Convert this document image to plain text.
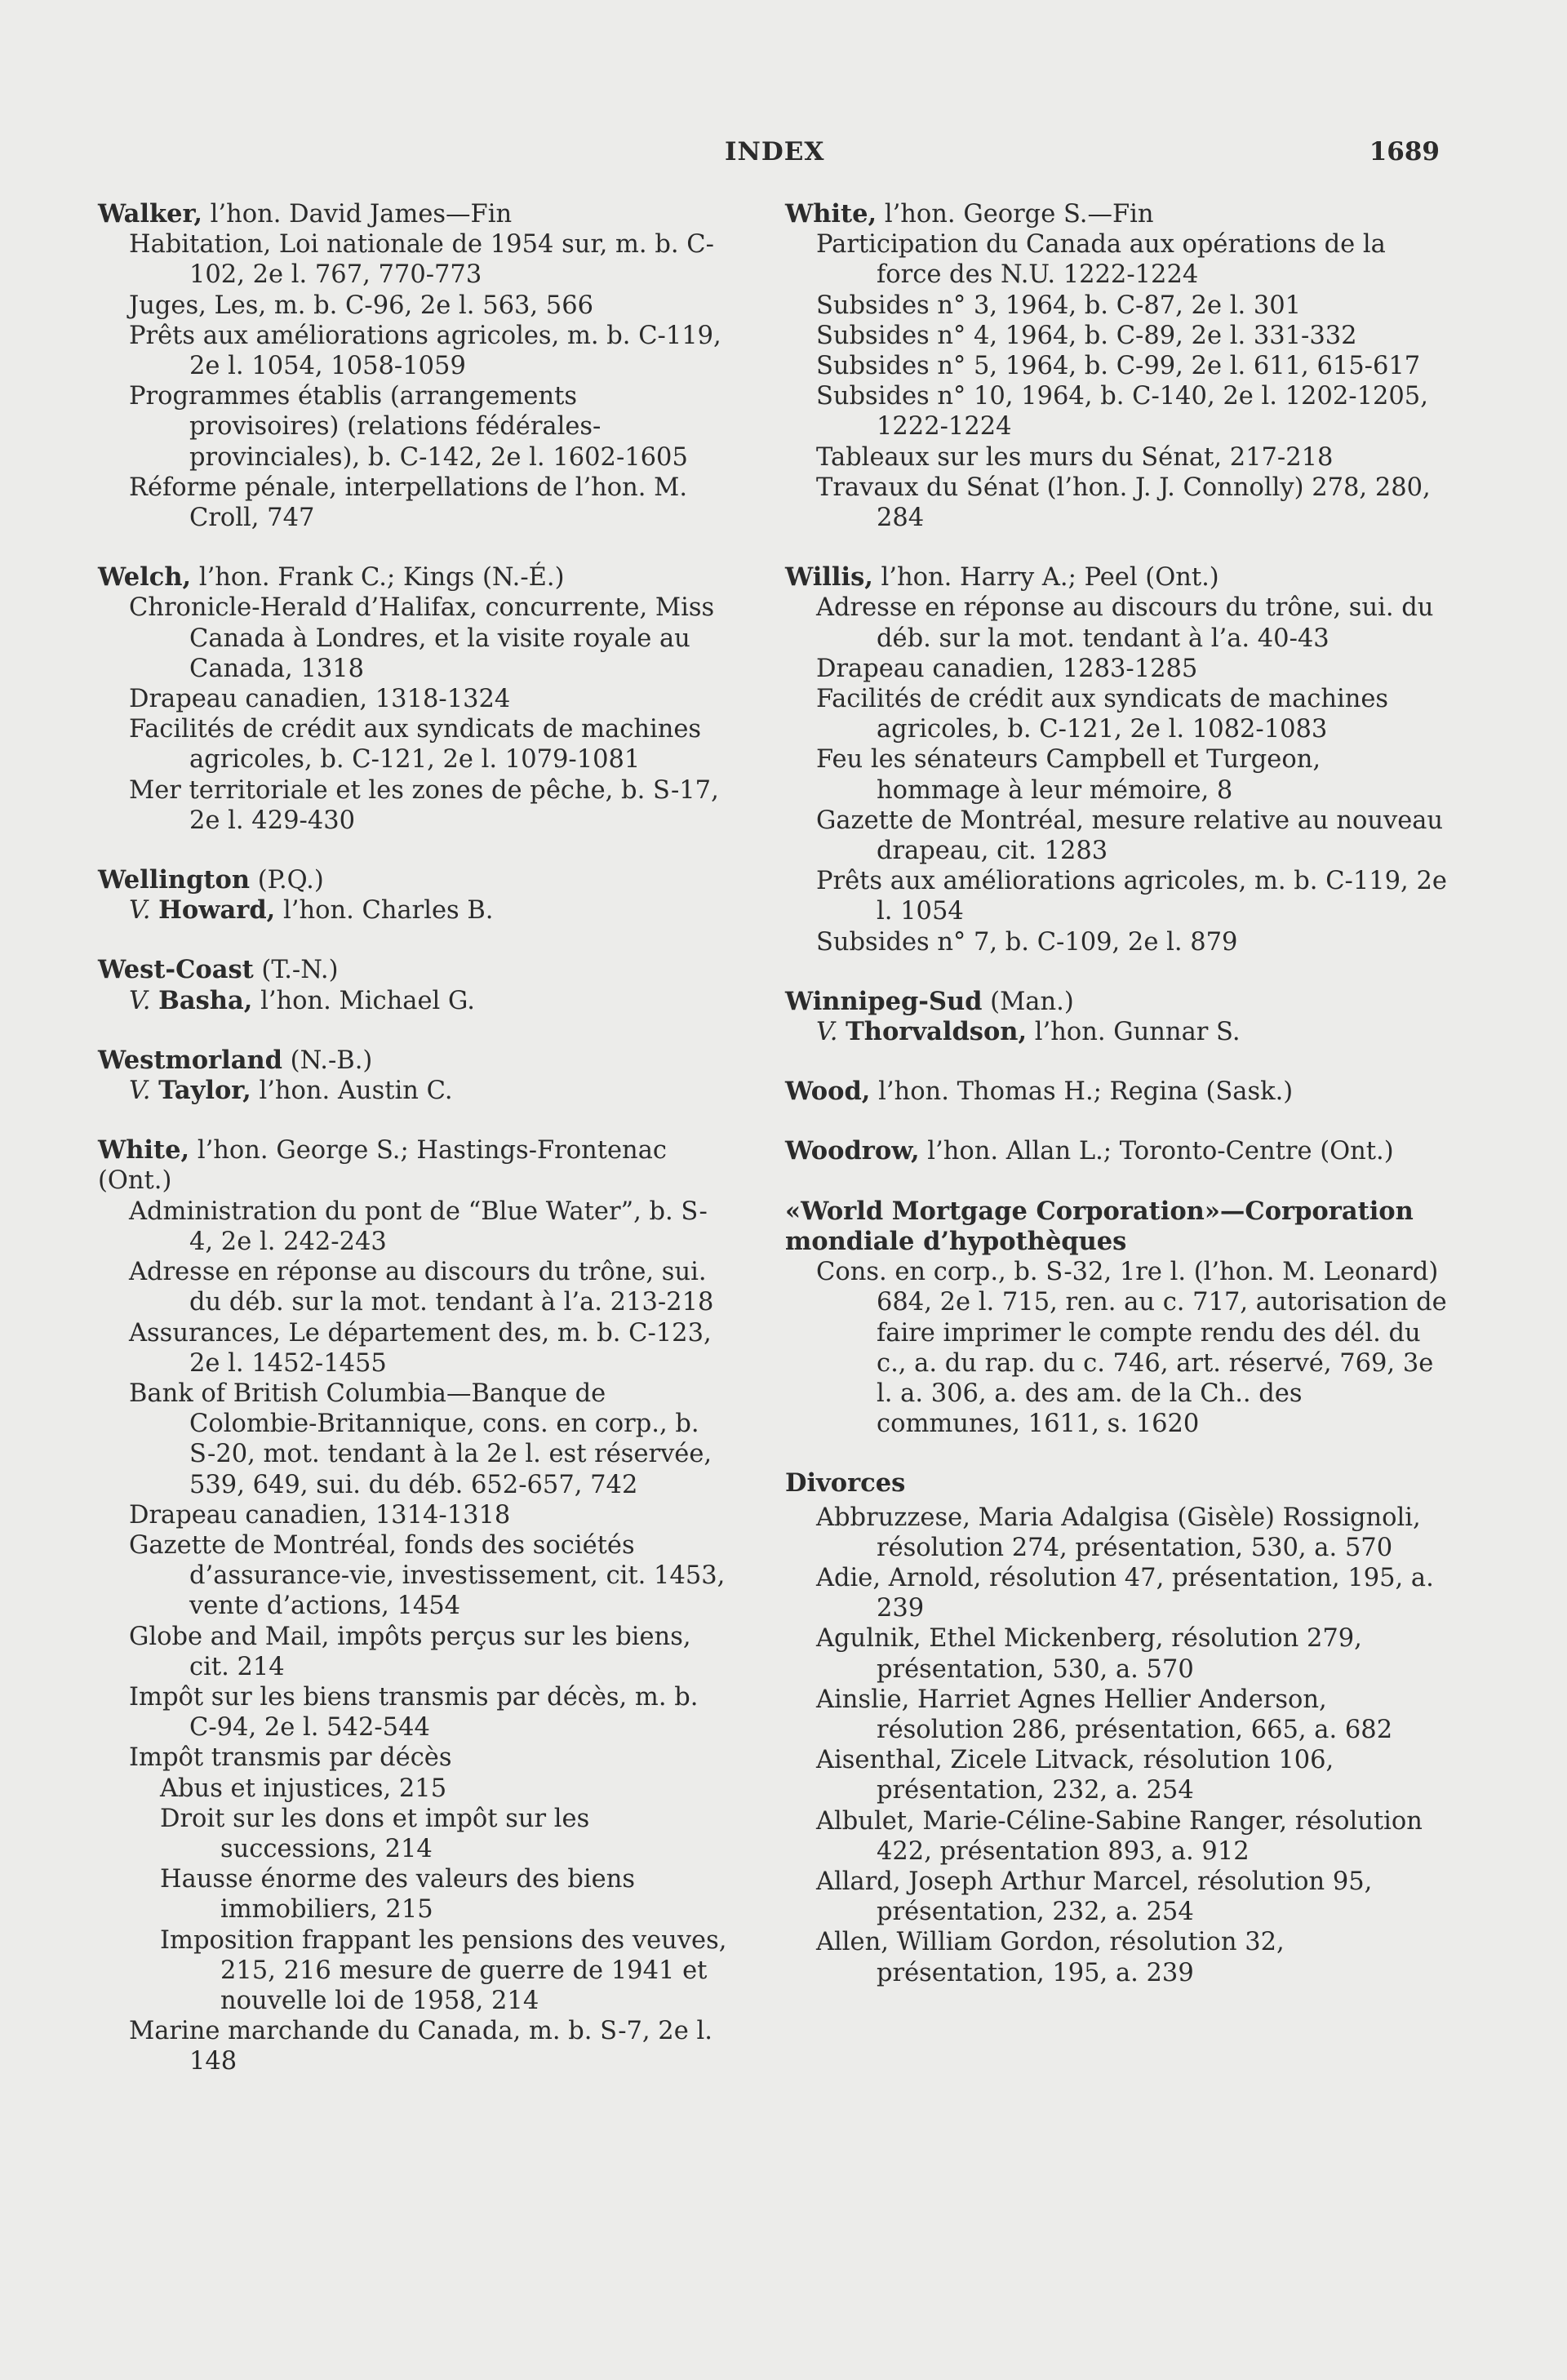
INDEX	1689
Walker, l’hon. David James—Fin
Habitation, Loi nationale de 1954 sur, m. b. C-102, 2e l. 767, 770-773
Juges, Les, m. b. C-96, 2e l. 563, 566
Prêts aux améliorations agricoles, m. b. C-119, 2e l. 1054, 1058-1059
Programmes établis (arrangements provisoires) (relations fédérales-provinciales), b. C-142, 2e l. 1602-1605
Réforme pénale, interpellations de l’hon. M. Croll, 747
Welch, l’hon. Frank C.; Kings (N.-É.)
Chronicle-Herald d’Halifax, concurrente, Miss Canada à Londres, et la visite royale au Canada, 1318
Drapeau canadien, 1318-1324
Facilités de crédit aux syndicats de machines agricoles, b. C-121, 2e l. 1079-1081
Mer territoriale et les zones de pêche, b. S-17, 2e l. 429-430
Wellington (P.Q.)
V. Howard, l’hon. Charles B.
West-Coast (T.-N.)
V. Basha, l’hon. Michael G.
Westmorland (N.-B.)
V. Taylor, l’hon. Austin C.
White, l’hon. George S.; Hastings-Frontenac (Ont.)
Administration du pont de “Blue Water”, b. S-4, 2e l. 242-243
Adresse en réponse au discours du trône, sui. du déb. sur la mot. tendant à l’a. 213-218
Assurances, Le département des, m. b. C-123, 2e l. 1452-1455
Bank of British Columbia—Banque de Colombie-Britannique, cons. en corp., b. S-20, mot. tendant à la 2e l. est réservée, 539, 649, sui. du déb. 652-657, 742
Drapeau canadien, 1314-1318
Gazette de Montréal, fonds des sociétés d’assurance-vie, investissement, cit. 1453, vente d’actions, 1454
Globe and Mail, impôts perçus sur les biens, cit. 214
Impôt sur les biens transmis par décès, m. b. C-94, 2e l. 542-544
Impôt transmis par décès
Abus et injustices, 215
Droit sur les dons et impôt sur les successions, 214
Hausse énorme des valeurs des biens immobiliers, 215
Imposition frappant les pensions des veuves, 215, 216 mesure de guerre de 1941 et nouvelle loi de 1958, 214
Marine marchande du Canada, m. b. S-7, 2e l. 148
White, l’hon. George S.—Fin
Participation du Canada aux opérations de la force des N.U. 1222-1224
Subsides n° 3, 1964, b. C-87, 2e l. 301
Subsides n° 4, 1964, b. C-89, 2e l. 331-332
Subsides n° 5, 1964, b. C-99, 2e l. 611, 615-617
Subsides n° 10, 1964, b. C-140, 2e l. 1202-1205, 1222-1224
Tableaux sur les murs du Sénat, 217-218
Travaux du Sénat (l’hon. J. J. Connolly) 278, 280, 284
Willis, l’hon. Harry A.; Peel (Ont.)
Adresse en réponse au discours du trône, sui. du déb. sur la mot. tendant à l’a. 40-43
Drapeau canadien, 1283-1285
Facilités de crédit aux syndicats de machines agricoles, b. C-121, 2e l. 1082-1083
Feu les sénateurs Campbell et Turgeon, hommage à leur mémoire, 8
Gazette de Montréal, mesure relative au nouveau drapeau, cit. 1283
Prêts aux améliorations agricoles, m. b. C-119, 2e l. 1054
Subsides n° 7, b. C-109, 2e l. 879
Winnipeg-Sud (Man.)
V. Thorvaldson, l’hon. Gunnar S.
Wood, l’hon. Thomas H.; Regina (Sask.)
Woodrow, l’hon. Allan L.; Toronto-Centre (Ont.)
«World Mortgage Corporation»—Corporation mondiale d’hypothèques
Cons. en corp., b. S-32, 1re l. (l’hon. M. Leonard) 684, 2e l. 715, ren. au c. 717, autorisation de faire imprimer le compte rendu des dél. du c., a. du rap. du c. 746, art. réservé, 769, 3e l. a. 306, a. des am. de la Ch.. des communes, 1611, s. 1620
Divorces
Abbruzzese, Maria Adalgisa (Gisèle) Rossignoli, résolution 274, présentation, 530, a. 570
Adie, Arnold, résolution 47, présentation, 195, a. 239
Agulnik, Ethel Mickenberg, résolution 279, présentation, 530, a. 570
Ainslie, Harriet Agnes Hellier Anderson, résolution 286, présentation, 665, a. 682
Aisenthal, Zicele Litvack, résolution 106, présentation, 232, a. 254
Albulet, Marie-Céline-Sabine Ranger, résolution 422, présentation 893, a. 912
Allard, Joseph Arthur Marcel, résolution 95, présentation, 232, a. 254
Allen, William Gordon, résolution 32, présentation, 195, a. 239
